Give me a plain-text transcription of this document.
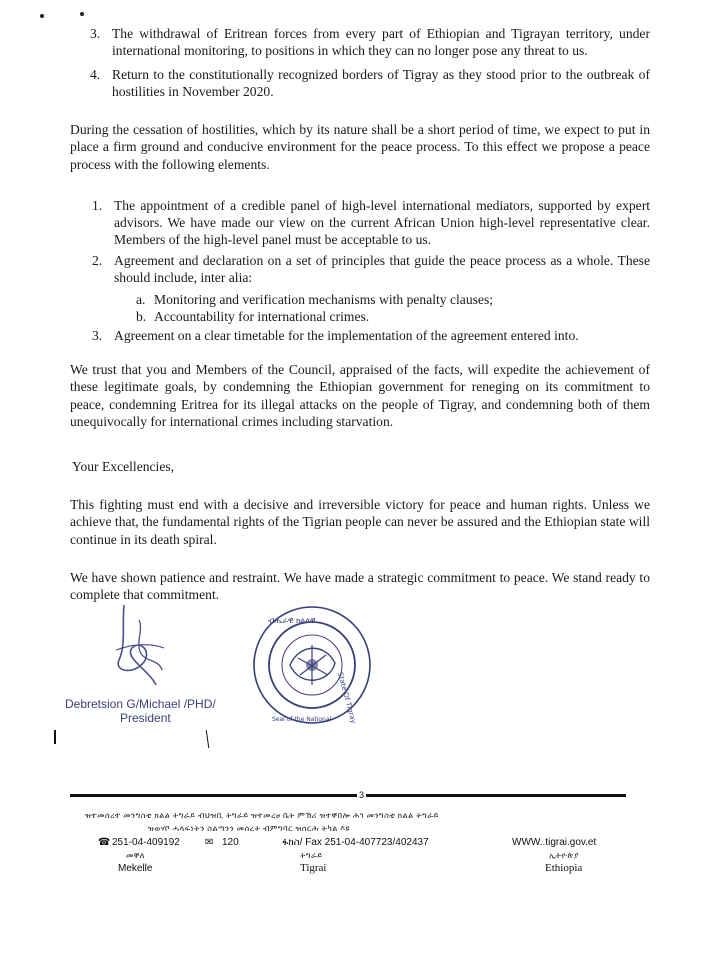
3. The withdrawal of Eritrean forces from every part of Ethiopian and Tigrayan territory, under international monitoring, to positions in which they can no longer pose any threat to us.
4. Return to the constitutionally recognized borders of Tigray as they stood prior to the outbreak of hostilities in November 2020.

During the cessation of hostilities, which by its nature shall be a short period of time, we expect to put in place a firm ground and conducive environment for the peace process. To this effect we propose a peace process with the following elements.

1. The appointment of a credible panel of high-level international mediators, supported by expert advisors. We have made our view on the current African Union high-level representative clear. Members of the high-level panel must be acceptable to us.
2. Agreement and declaration on a set of principles that guide the peace process as a whole. These should include, inter alia:
a. Monitoring and verification mechanisms with penalty clauses;
b. Accountability for international crimes.
3. Agreement on a clear timetable for the implementation of the agreement entered into.

We trust that you and Members of the Council, appraised of the facts, will expedite the achievement of these legitimate goals, by condemning the Ethiopian government for reneging on its commitment to peace, condemning Eritrea for its illegal attacks on the people of Tigray, and condemning both of them unequivocally for international crimes including starvation.

Your Excellencies,

This fighting must end with a decisive and irreversible victory for peace and human rights. Unless we achieve that, the fundamental rights of the Tigrian people can never be assured and the Ethiopian state will continue in its death spiral.

We have shown patience and restraint. We have made a strategic commitment to peace. We stand ready to complete that commitment.

ብሔራዊ ክልላዊ
State Of Tigray
Seal of the National
Debretsion G/Michael /PHD/
President
3
ዝተመሰረተ መንግስቲ ክልል ትግራይ ብህዝቢ ትግራይ ዝተመረፀ ቤት ምኽሪ ዝተቐበሎ ሕገ መንግስቲ ክልል ትግራይ
ዝወሃቦ ሓላፍነትን ስልጣንን መሰረት ብምግባር ዝሰርሕ ትካል እዩ
☎ 251-04-409192	✉ 120	ፋክስ/ Fax 251-04-407723/402437	WWW..tigrai.gov.et
መቐለ	ትግራይ	ኢትዮጵያ
Mekelle	Tigrai	Ethiopia
